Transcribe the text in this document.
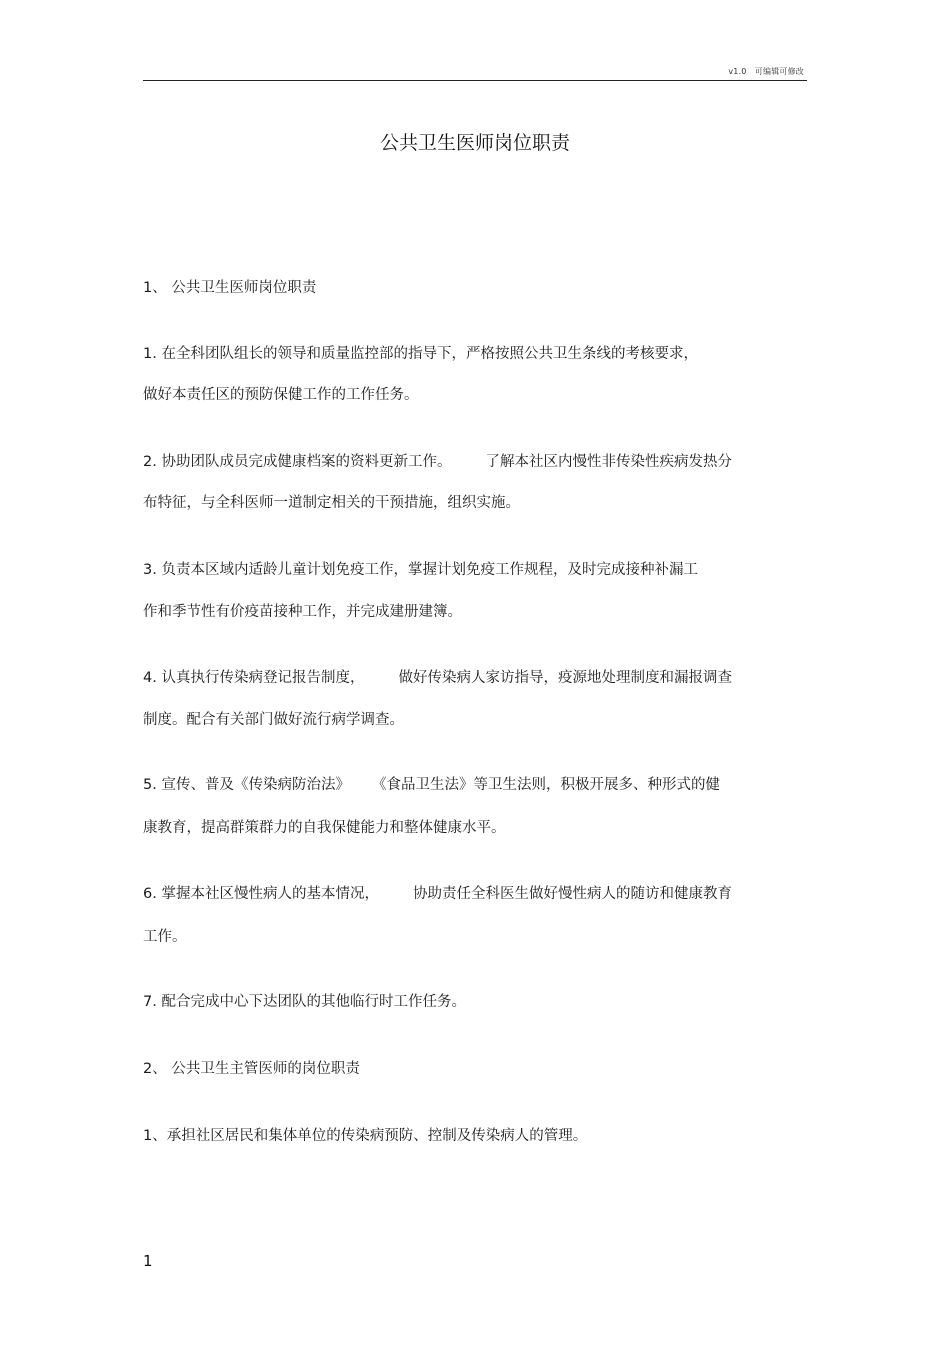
v1.0　可编辑可修改
公共卫生医师岗位职责
1、 公共卫生医师岗位职责
1. 在全科团队组长的领导和质量监控部的指导下，严格按照公共卫生条线的考核要求，
做好本责任区的预防保健工作的工作任务。
2. 协助团队成员完成健康档案的资料更新工作。 了解本社区内慢性非传染性疾病发热分
布特征，与全科医师一道制定相关的干预措施，组织实施。
3. 负责本区域内适龄儿童计划免疫工作，掌握计划免疫工作规程，及时完成接种补漏工
作和季节性有价疫苗接种工作，并完成建册建簿。
4. 认真执行传染病登记报告制度， 做好传染病人家访指导，疫源地处理制度和漏报调查
制度。配合有关部门做好流行病学调查。
5. 宣传、普及《传染病防治法》 《食品卫生法》等卫生法则，积极开展多、种形式的健
康教育，提高群策群力的自我保健能力和整体健康水平。
6. 掌握本社区慢性病人的基本情况， 协助责任全科医生做好慢性病人的随访和健康教育
工作。
7. 配合完成中心下达团队的其他临行时工作任务。
2、 公共卫生主管医师的岗位职责
1、承担社区居民和集体单位的传染病预防、控制及传染病人的管理。
1
